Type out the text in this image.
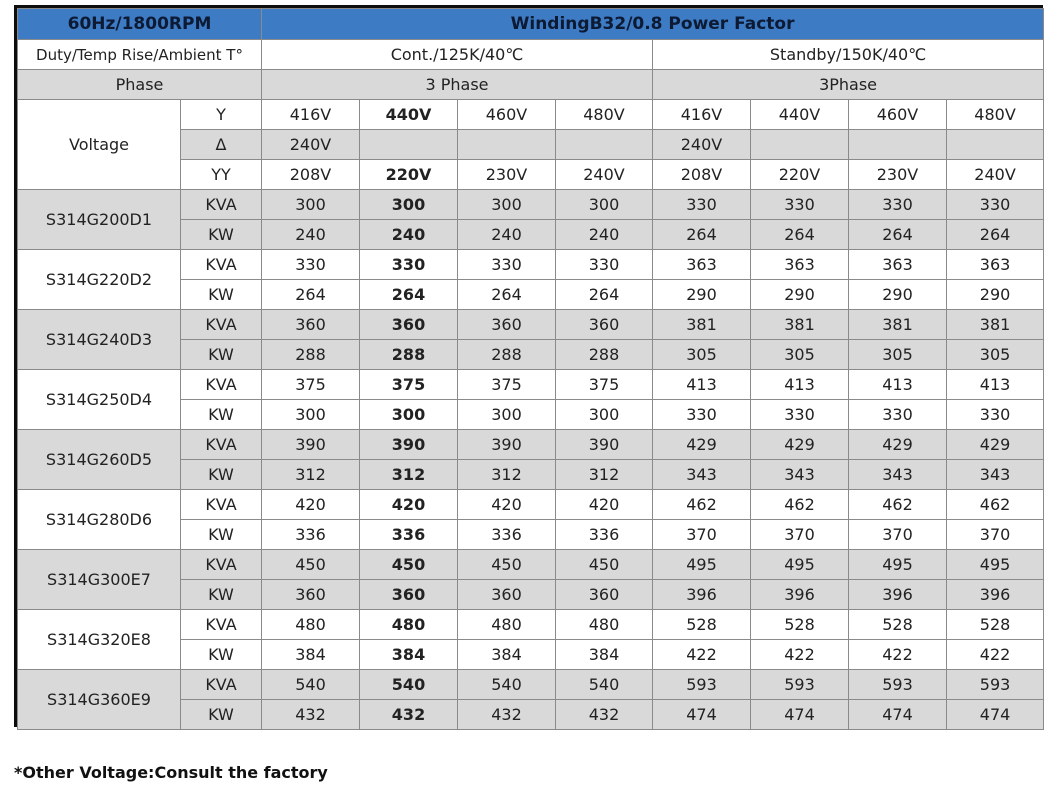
60Hz/1800RPM		WindingB32/0.8 Power Factor							
Duty/Temp Rise/Ambient T°		Cont./125K/40℃				Standby/150K/40℃			
Phase		3 Phase				3Phase			
Voltage	Y	416V	440V	460V	480V	416V	440V	460V	480V
	Δ	240V				240V			
	YY	208V	220V	230V	240V	208V	220V	230V	240V
S314G200D1	KVA	300	300	300	300	330	330	330	330
	KW	240	240	240	240	264	264	264	264
S314G220D2	KVA	330	330	330	330	363	363	363	363
	KW	264	264	264	264	290	290	290	290
S314G240D3	KVA	360	360	360	360	381	381	381	381
	KW	288	288	288	288	305	305	305	305
S314G250D4	KVA	375	375	375	375	413	413	413	413
	KW	300	300	300	300	330	330	330	330
S314G260D5	KVA	390	390	390	390	429	429	429	429
	KW	312	312	312	312	343	343	343	343
S314G280D6	KVA	420	420	420	420	462	462	462	462
	KW	336	336	336	336	370	370	370	370
S314G300E7	KVA	450	450	450	450	495	495	495	495
	KW	360	360	360	360	396	396	396	396
S314G320E8	KVA	480	480	480	480	528	528	528	528
	KW	384	384	384	384	422	422	422	422
S314G360E9	KVA	540	540	540	540	593	593	593	593
	KW	432	432	432	432	474	474	474	474
*Other Voltage:Consult the factory
